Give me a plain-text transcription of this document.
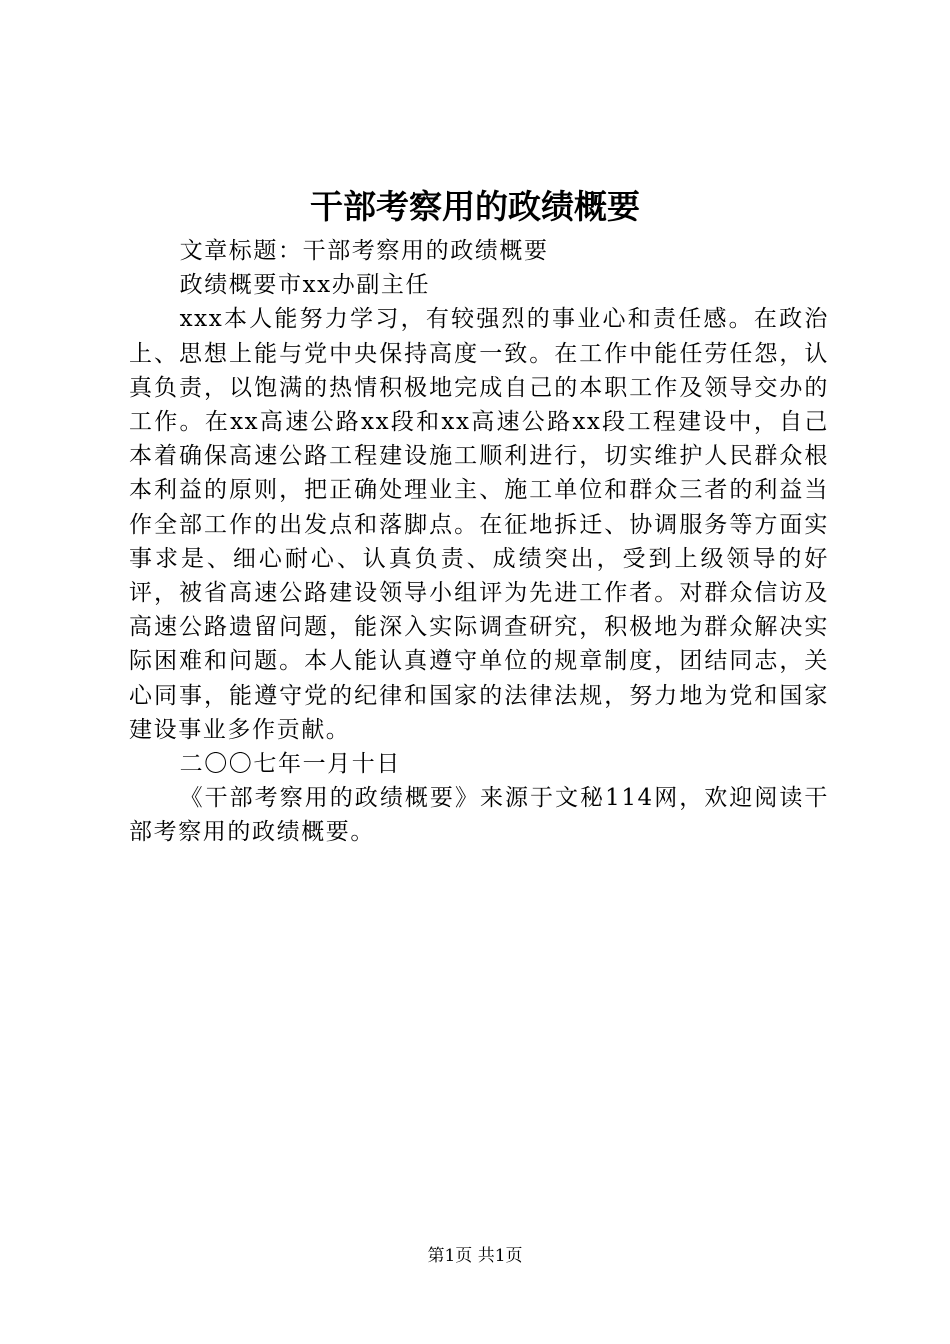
干部考察用的政绩概要

文章标题：干部考察用的政绩概要

政绩概要市xx办副主任

xxx本人能努力学习，有较强烈的事业心和责任感。在政治上、思想上能与党中央保持高度一致。在工作中能任劳任怨，认真负责，以饱满的热情积极地完成自己的本职工作及领导交办的工作。在xx高速公路xx段和xx高速公路xx段工程建设中，自己本着确保高速公路工程建设施工顺利进行，切实维护人民群众根本利益的原则，把正确处理业主、施工单位和群众三者的利益当作全部工作的出发点和落脚点。在征地拆迁、协调服务等方面实事求是、细心耐心、认真负责、成绩突出，受到上级领导的好评，被省高速公路建设领导小组评为先进工作者。对群众信访及高速公路遗留问题，能深入实际调查研究，积极地为群众解决实际困难和问题。本人能认真遵守单位的规章制度，团结同志，关心同事，能遵守党的纪律和国家的法律法规，努力地为党和国家建设事业多作贡献。

二〇〇七年一月十日

《干部考察用的政绩概要》来源于文秘114网，欢迎阅读干部考察用的政绩概要。

第1页 共1页
